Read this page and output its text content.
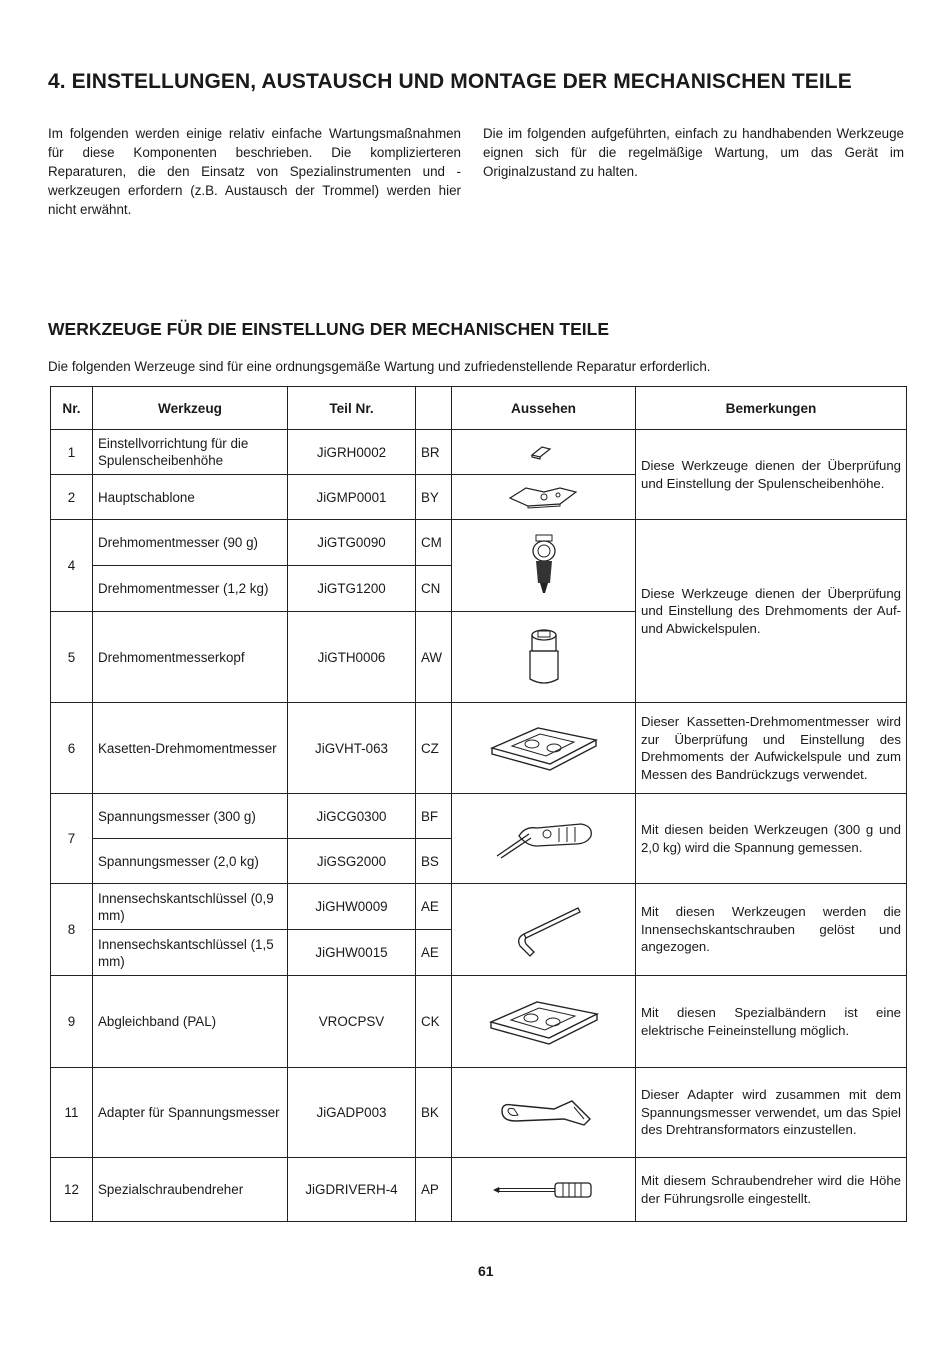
4. EINSTELLUNGEN, AUSTAUSCH UND MONTAGE DER MECHANISCHEN TEILE

Im folgenden werden einige relativ einfache Wartungsmaßnahmen für diese Komponenten beschrieben. Die komplizierteren Reparaturen, die den Einsatz von Spezialinstrumenten und -werkzeugen erfordern (z.B. Austausch der Trommel) werden hier nicht erwähnt.

Die im folgenden aufgeführten, einfach zu handhabenden Werkzeuge eignen sich für die regelmäßige Wartung, um das Gerät im Originalzustand zu halten.

WERKZEUGE FÜR DIE EINSTELLUNG DER MECHANISCHEN TEILE

Die folgenden Werzeuge sind für eine ordnungsgemäße Wartung und zufriedenstellende Reparatur erforderlich.

Nr.	Werkzeug	Teil Nr.		Aussehen	Bemerkungen
1	Einstellvorrichtung für die Spulenscheibenhöhe	JiGRH0002	BR		Diese Werkzeuge dienen der Überprüfung und Einstellung der Spulenscheibenhöhe.
2	Hauptschablone	JiGMP0001	BY	
4	Drehmomentmesser (90 g)	JiGTG0090	CM		Diese Werkzeuge dienen der Überprüfung und Einstellung des Drehmoments der Auf- und Abwickelspulen.
	Drehmomentmesser (1,2 kg)	JiGTG1200	CN		
5	Drehmomentmesserkopf	JiGTH0006	AW	
6	Kasetten-Drehmomentmesser	JiGVHT-063	CZ		Dieser Kassetten-Drehmomentmesser wird zur Überprüfung und Einstellung des Drehmoments der Aufwickelspule und zum Messen des Bandrückzugs verwendet.
7	Spannungsmesser (300 g)	JiGCG0300	BF		Mit diesen beiden Werkzeugen (300 g und 2,0 kg) wird die Spannung gemessen.
	Spannungsmesser (2,0 kg)	JiGSG2000	BS		
8	Innensechskantschlüssel (0,9 mm)	JiGHW0009	AE		Mit diesen Werkzeugen werden die Innensechskantschrauben gelöst und angezogen.
	Innensechskantschlüssel (1,5 mm)	JiGHW0015	AE		
9	Abgleichband (PAL)	VROCPSV	CK		Mit diesen Spezialbändern ist eine elektrische Feineinstellung möglich.
11	Adapter für Spannungsmesser	JiGADP003	BK		Dieser Adapter wird zusammen mit dem Spannungsmesser verwendet, um das Spiel des Drehtransformators einzustellen.
12	Spezialschraubendreher	JiGDRIVERH-4	AP		Mit diesem Schraubendreher wird die Höhe der Führungsrolle eingestellt.

61
